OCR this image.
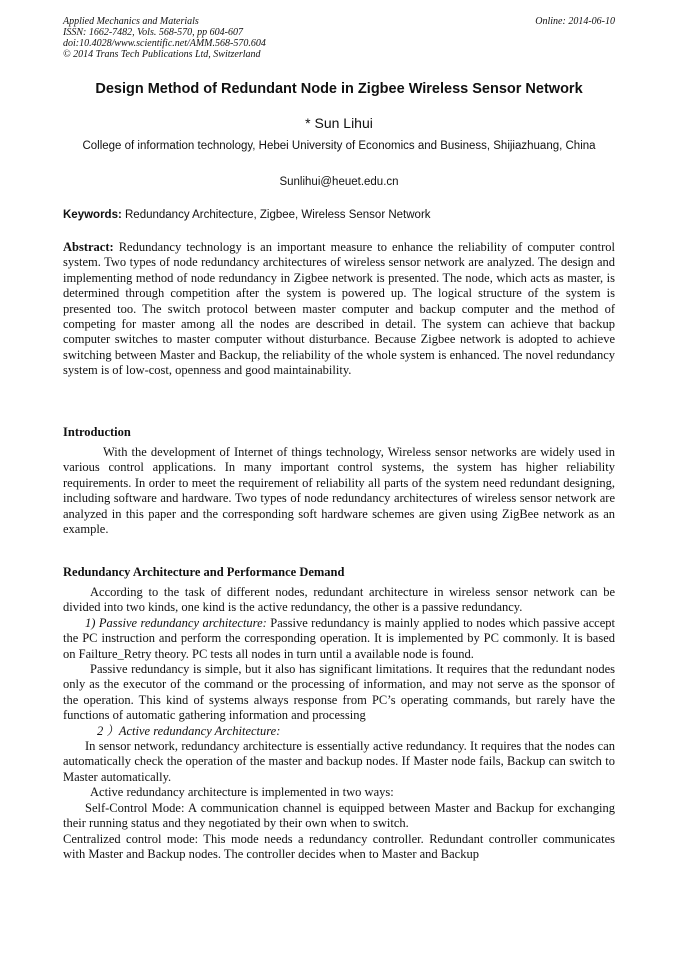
Applied Mechanics and Materials
ISSN: 1662-7482, Vols. 568-570, pp 604-607
doi:10.4028/www.scientific.net/AMM.568-570.604
© 2014 Trans Tech Publications Ltd, Switzerland
Online: 2014-06-10
Design Method of Redundant Node in Zigbee Wireless Sensor Network
* Sun Lihui
College of information technology, Hebei University of Economics and Business, Shijiazhuang, China
Sunlihui@heuet.edu.cn
Keywords: Redundancy Architecture, Zigbee, Wireless Sensor Network

Abstract: Redundancy technology is an important measure to enhance the reliability of computer control system. Two types of node redundancy architectures of wireless sensor network are analyzed. The design and implementing method of node redundancy in Zigbee network is presented. The node, which acts as master, is determined through competition after the system is powered up. The logical structure of the system is presented too. The switch protocol between master computer and backup computer and the method of competing for master among all the nodes are described in detail. The system can achieve that backup computer switches to master computer without disturbance. Because Zigbee network is adopted to achieve switching between Master and Backup, the reliability of the whole system is enhanced. The novel redundancy system is of low-cost, openness and good maintainability.

Introduction

With the development of Internet of things technology, Wireless sensor networks are widely used in various control applications. In many important control systems, the system has higher reliability requirements. In order to meet the requirement of reliability all parts of the system need redundant designing, including software and hardware. Two types of node redundancy architectures of wireless sensor network are analyzed in this paper and the corresponding soft hardware schemes are given using ZigBee network as an example.

Redundancy Architecture and Performance Demand

According to the task of different nodes, redundant architecture in wireless sensor network can be divided into two kinds, one kind is the active redundancy, the other is a passive redundancy.

1) Passive redundancy architecture: Passive redundancy is mainly applied to nodes which passive accept the PC instruction and perform the corresponding operation. It is implemented by PC commonly. It is based on Failture_Retry theory. PC tests all nodes in turn until a available node is found.

Passive redundancy is simple, but it also has significant limitations. It requires that the redundant nodes only as the executor of the command or the processing of information, and may not serve as the sponsor of the operation. This kind of systems always response from PC’s operating commands, but rarely have the functions of automatic gathering information and processing

2 ）Active redundancy Architecture:

In sensor network, redundancy architecture is essentially active redundancy. It requires that the nodes can automatically check the operation of the master and backup nodes. If Master node fails, Backup can switch to Master automatically.

Active redundancy architecture is implemented in two ways:

Self-Control Mode: A communication channel is equipped between Master and Backup for exchanging their running status and they negotiated by their own when to switch.

Centralized control mode: This mode needs a redundancy controller. Redundant controller communicates with Master and Backup nodes. The controller decides when to Master and Backup
